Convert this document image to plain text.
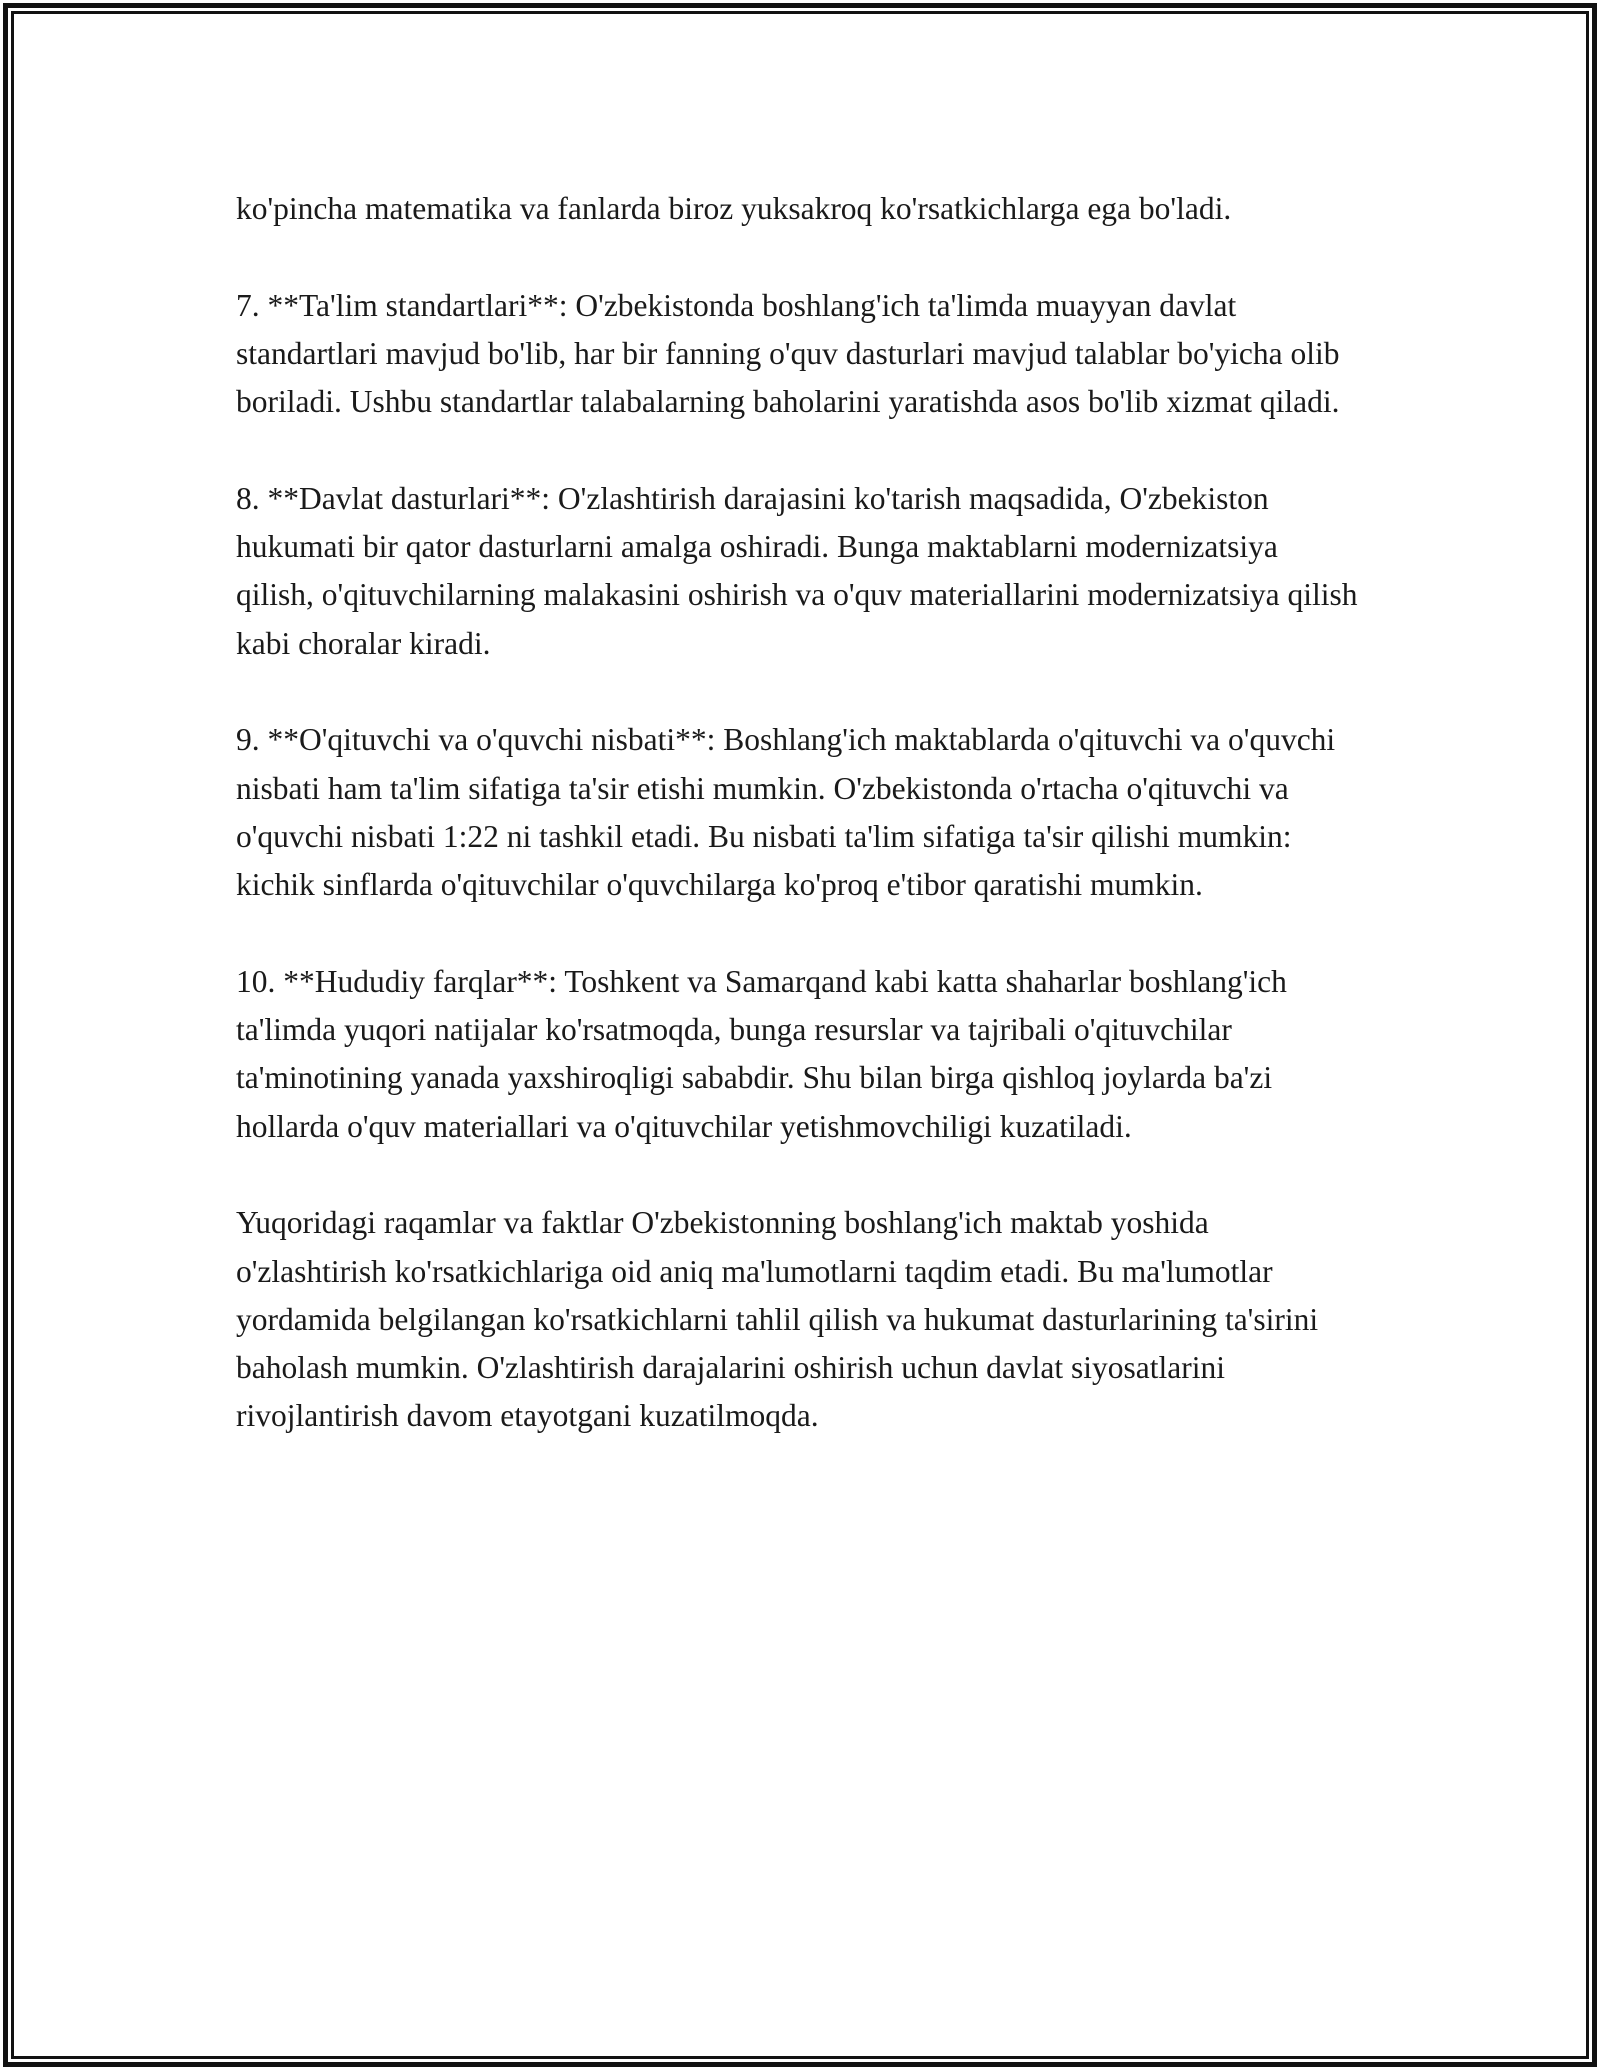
ko'pincha matematika va fanlarda biroz yuksakroq ko'rsatkichlarga ega bo'ladi.

7. **Ta'lim standartlari**: O'zbekistonda boshlang'ich ta'limda muayyan davlat standartlari mavjud bo'lib, har bir fanning o'quv dasturlari mavjud talablar bo'yicha olib boriladi. Ushbu standartlar talabalarning baholarini yaratishda asos bo'lib xizmat qiladi.

8. **Davlat dasturlari**: O'zlashtirish darajasini ko'tarish maqsadida, O'zbekiston hukumati bir qator dasturlarni amalga oshiradi. Bunga maktablarni modernizatsiya qilish, o'qituvchilarning malakasini oshirish va o'quv materiallarini modernizatsiya qilish kabi choralar kiradi.

9. **O'qituvchi va o'quvchi nisbati**: Boshlang'ich maktablarda o'qituvchi va o'quvchi nisbati ham ta'lim sifatiga ta'sir etishi mumkin. O'zbekistonda o'rtacha o'qituvchi va o'quvchi nisbati 1:22 ni tashkil etadi. Bu nisbati ta'lim sifatiga ta'sir qilishi mumkin: kichik sinflarda o'qituvchilar o'quvchilarga ko'proq e'tibor qaratishi mumkin.

10. **Hududiy farqlar**: Toshkent va Samarqand kabi katta shaharlar boshlang'ich ta'limda yuqori natijalar ko'rsatmoqda, bunga resurslar va tajribali o'qituvchilar ta'minotining yanada yaxshiroqligi sababdir. Shu bilan birga qishloq joylarda ba'zi hollarda o'quv materiallari va o'qituvchilar yetishmovchiligi kuzatiladi.

Yuqoridagi raqamlar va faktlar O'zbekistonning boshlang'ich maktab yoshida o'zlashtirish ko'rsatkichlariga oid aniq ma'lumotlarni taqdim etadi. Bu ma'lumotlar yordamida belgilangan ko'rsatkichlarni tahlil qilish va hukumat dasturlarining ta'sirini baholash mumkin. O'zlashtirish darajalarini oshirish uchun davlat siyosatlarini rivojlantirish davom etayotgani kuzatilmoqda.
